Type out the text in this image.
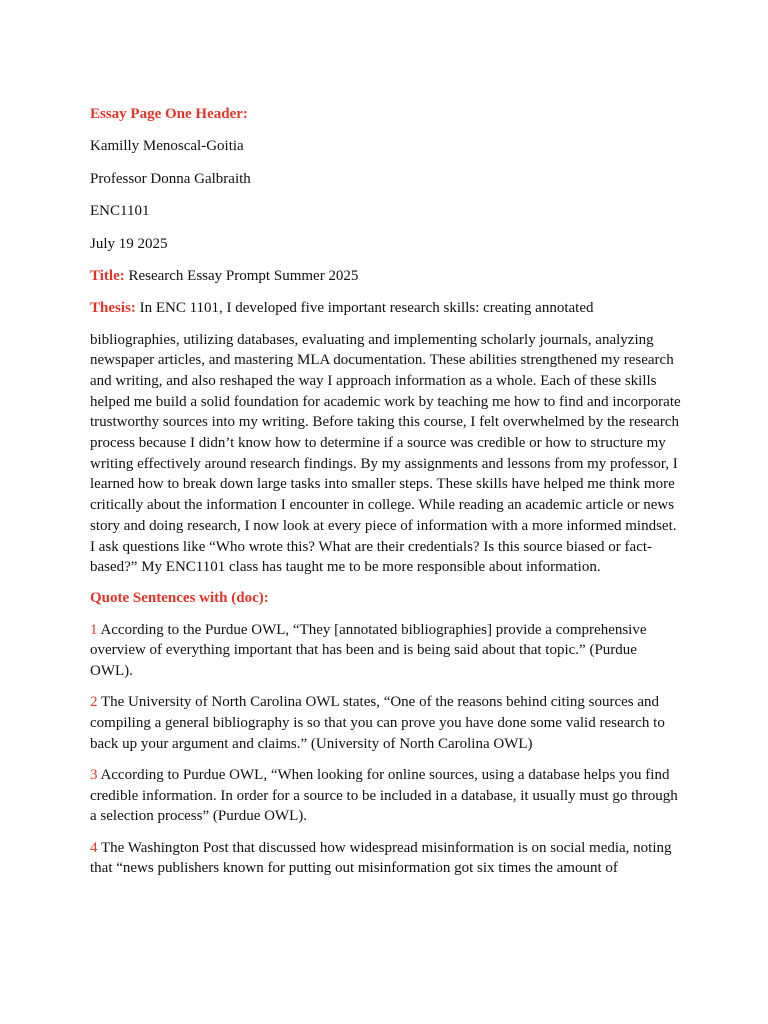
Essay Page One Header:

Kamilly Menoscal-Goitia

Professor Donna Galbraith

ENC1101

July 19 2025

Title: Research Essay Prompt Summer 2025

Thesis: In ENC 1101, I developed five important research skills: creating annotated

bibliographies, utilizing databases, evaluating and implementing scholarly journals, analyzing newspaper articles, and mastering MLA documentation. These abilities strengthened my research and writing, and also reshaped the way I approach information as a whole. Each of these skills helped me build a solid foundation for academic work by teaching me how to find and incorporate trustworthy sources into my writing. Before taking this course, I felt overwhelmed by the research process because I didn’t know how to determine if a source was credible or how to structure my writing effectively around research findings. By my assignments and lessons from my professor, I learned how to break down large tasks into smaller steps. These skills have helped me think more critically about the information I encounter in college. While reading an academic article or news story and doing research, I now look at every piece of information with a more informed mindset. I ask questions like “Who wrote this? What are their credentials? Is this source biased or fact-based?” My ENC1101 class has taught me to be more responsible about information.

Quote Sentences with (doc):

1 According to the Purdue OWL, “They [annotated bibliographies] provide a comprehensive overview of everything important that has been and is being said about that topic.” (Purdue OWL).

2 The University of North Carolina OWL states, “One of the reasons behind citing sources and compiling a general bibliography is so that you can prove you have done some valid research to back up your argument and claims.” (University of North Carolina OWL)

3 According to Purdue OWL, “When looking for online sources, using a database helps you find credible information. In order for a source to be included in a database, it usually must go through a selection process” (Purdue OWL).

4 The Washington Post that discussed how widespread misinformation is on social media, noting that “news publishers known for putting out misinformation got six times the amount of
